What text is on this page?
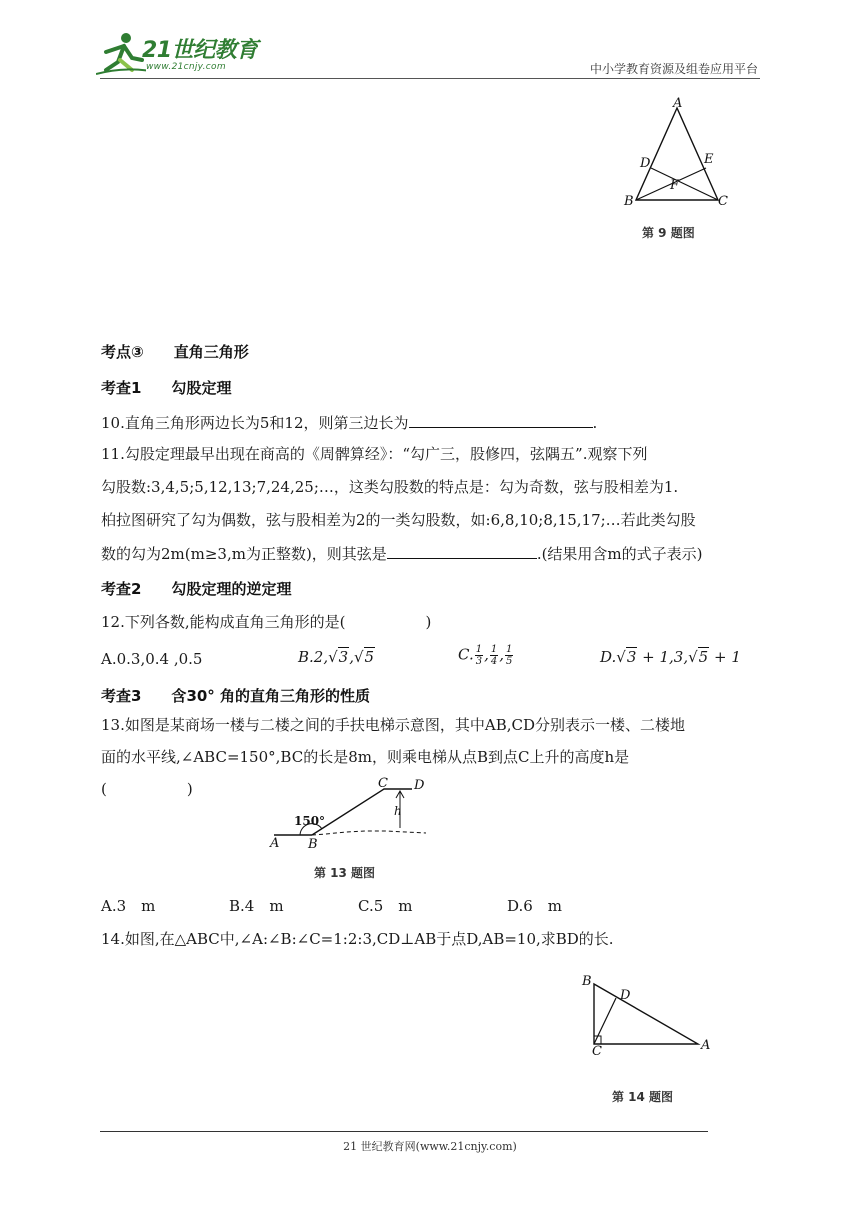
21世纪教育
www.21cnjy.com	中小学教育资源及组卷应用平台
A
D	E
F
B	C
第 9 题图
考点③　　直角三角形
考查1　　勾股定理
10.直角三角形两边长为5和12，则第三边长为	.
11.勾股定理最早出现在商高的《周髀算经》：“勾广三，股修四，弦隅五”.观察下列
勾股数:3,4,5;5,12,13;7,24,25;…，这类勾股数的特点是：勾为奇数，弦与股相差为1.
柏拉图研究了勾为偶数，弦与股相差为2的一类勾股数，如:6,8,10;8,15,17;…若此类勾股
数的勾为2m(m≥3,m为正整数)，则其弦是	.(结果用含m的式子表示)
考查2　　勾股定理的逆定理
12.下列各数,能构成直角三角形的是(	)
A.0.3,0.4 ,0.5	B.2,√3,√5	C. $\frac{1}{3}$ , $\frac{1}{4}$ , $\frac{1}{5}$	D.√3 + 1,3,√5 + 1
考查3　　含30° 角的直角三角形的性质
13.如图是某商场一楼与二楼之间的手扶电梯示意图，其中AB,CD分别表示一楼、二楼地
面的水平线,∠ABC=150°,BC的长是8m，则乘电梯从点B到点C上升的高度h是
(	)
150°
A B
C D
h
第 13 题图
A.3　m	B.4　m	C.5　m	D.6　m
14.如图,在△ABC中,∠A:∠B:∠C=1:2:3,CD⊥AB于点D,AB=10,求BD的长.
B
D
C	A
第 14 题图
21 世纪教育网(www.21cnjy.com)
